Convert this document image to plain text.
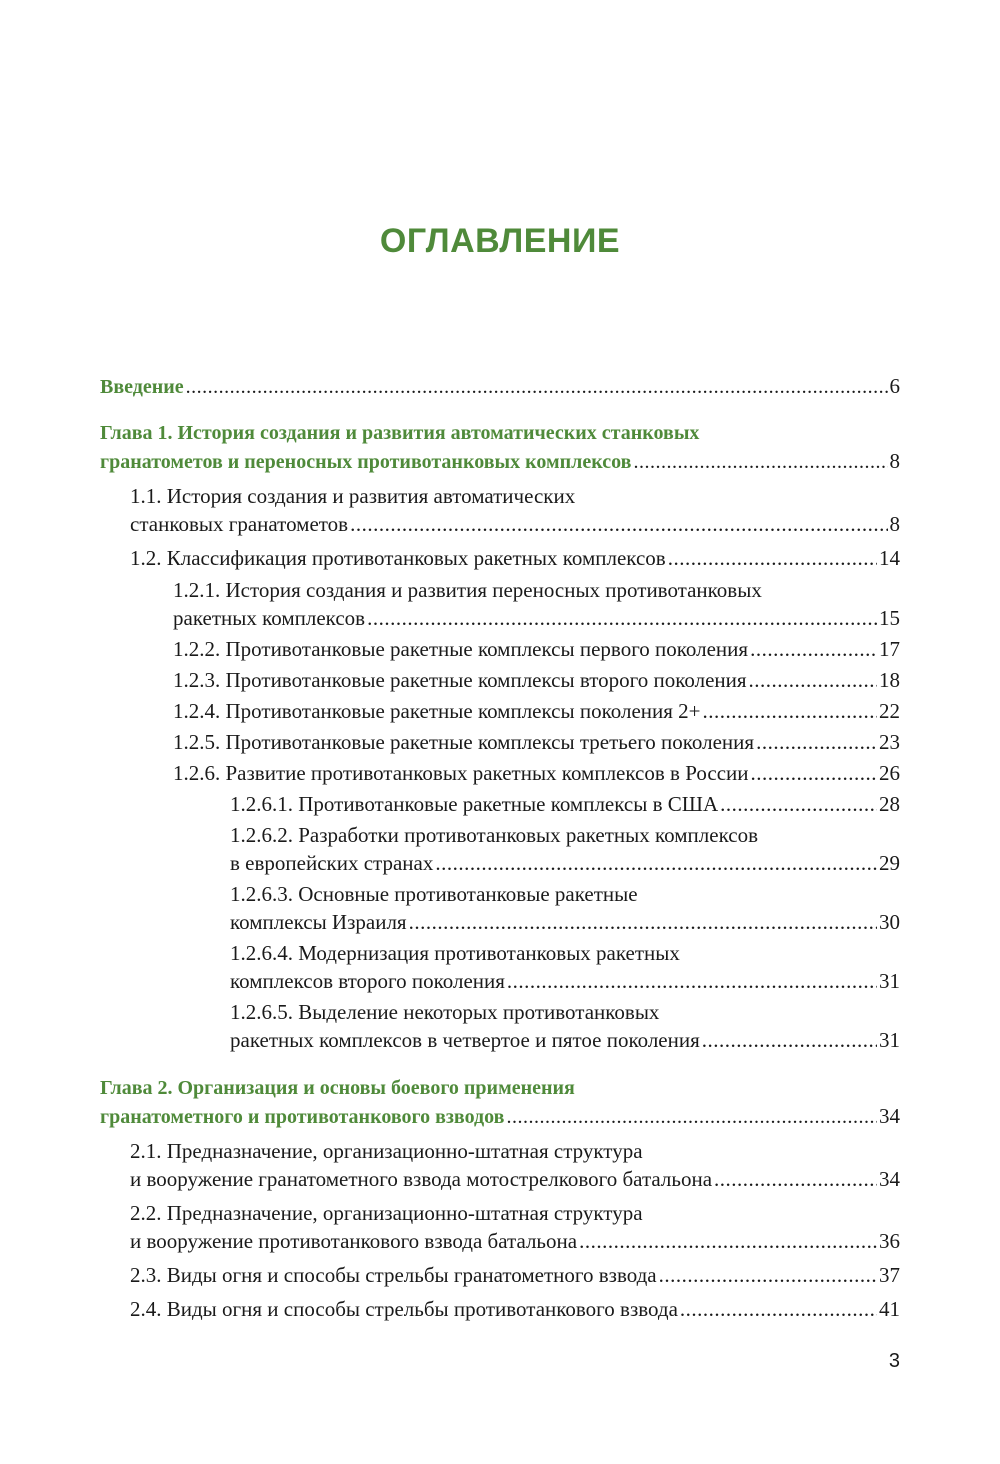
ОГЛАВЛЕНИЕ
Введение .....	6
Глава 1. История создания и развития автоматических станковых
гранатометов и переносных противотанковых комплексов .....	8
1.1. История создания и развития автоматических
станковых гранатометов .....	8
1.2. Классификация противотанковых ракетных комплексов .....	14
1.2.1. История создания и развития переносных противотанковых
ракетных комплексов .....	15
1.2.2. Противотанковые ракетные комплексы первого поколения .....	17
1.2.3. Противотанковые ракетные комплексы второго поколения .....	18
1.2.4. Противотанковые ракетные комплексы поколения 2+ .....	22
1.2.5. Противотанковые ракетные комплексы третьего поколения .....	23
1.2.6. Развитие противотанковых ракетных комплексов в России .....	26
1.2.6.1. Противотанковые ракетные комплексы в США .....	28
1.2.6.2. Разработки противотанковых ракетных комплексов
в европейских странах .....	29
1.2.6.3. Основные противотанковые ракетные
комплексы Израиля .....	30
1.2.6.4. Модернизация противотанковых ракетных
комплексов второго поколения .....	31
1.2.6.5. Выделение некоторых противотанковых
ракетных комплексов в четвертое и пятое поколения .....	31
Глава 2. Организация и основы боевого применения
гранатометного и противотанкового взводов .....	34
2.1. Предназначение, организационно-штатная структура
и вооружение гранатометного взвода мотострелкового батальона .....	34
2.2. Предназначение, организационно-штатная структура
и вооружение противотанкового взвода батальона .....	36
2.3. Виды огня и способы стрельбы гранатометного взвода .....	37
2.4. Виды огня и способы стрельбы противотанкового взвода .....	41
3
